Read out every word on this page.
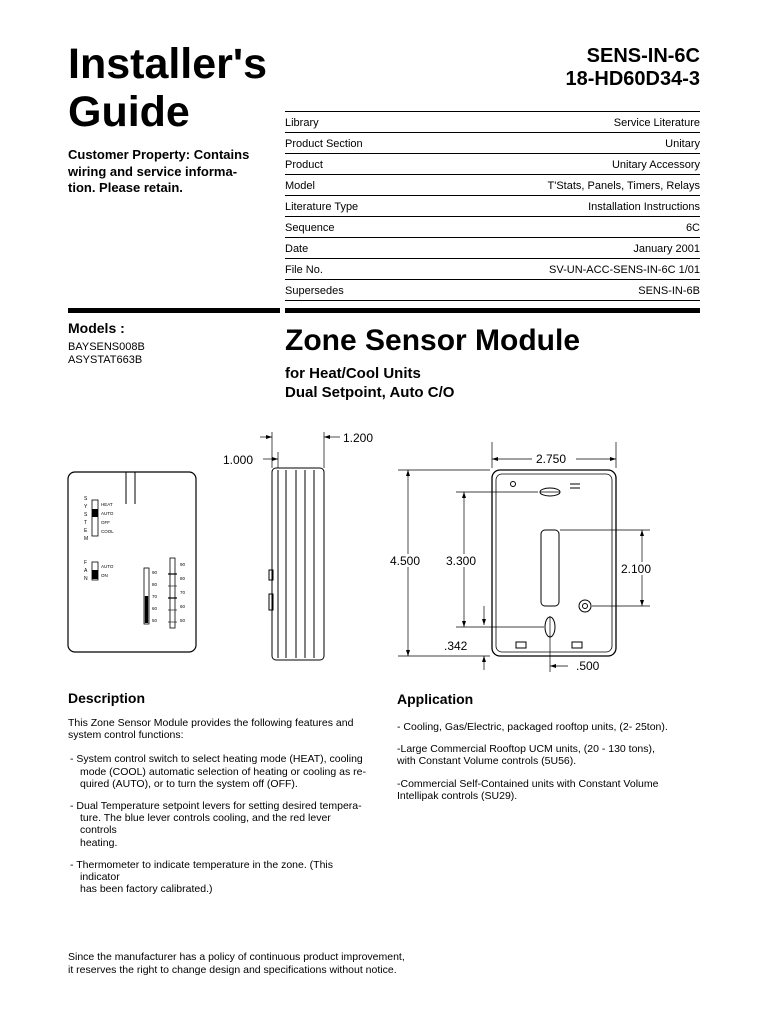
Installer's
Guide
Customer Property: Contains
wiring and service informa-
tion. Please retain.
SENS-IN-6C
18-HD60D34-3
Library	Service Literature
Product Section	Unitary
Product	Unitary Accessory
Model	T'Stats, Panels, Timers, Relays
Literature Type	Installation Instructions
Sequence	6C
Date	January 2001
File No.	SV-UN-ACC-SENS-IN-6C 1/01
Supersedes	SENS-IN-6B
Models :
BAYSENS008B
ASYSTAT663B
Zone Sensor Module
for Heat/Cool Units
Dual Setpoint, Auto C/O
S
Y
S
T
E
M
HEAT
AUTO
OFF
COOL
F
A
N
AUTO
ON
90
80
70
60
50
90
80
70
60
50
1.200
1.000	2.750
4.500 3.300
2.100
.342
.500
Description

This Zone Sensor Module provides the following features and
system control functions:

- System control switch to select heating mode (HEAT), cooling
mode (COOL) automatic selection of heating or cooling as re-
quired (AUTO), or to turn the system off (OFF).

- Dual Temperature setpoint levers for setting desired tempera-
ture. The blue lever controls cooling, and the red lever controls
heating.

- Thermometer to indicate temperature in the zone. (This indicator
has been factory calibrated.)

Application

- Cooling, Gas/Electric, packaged rooftop units, (2- 25ton).

-Large Commercial Rooftop UCM units, (20 - 130 tons),
with Constant Volume controls (5U56).

-Commercial Self-Contained units with Constant Volume
Intellipak controls (SU29).

Since the manufacturer has a policy of continuous product improvement,
it reserves the right to change design and specifications without notice.
